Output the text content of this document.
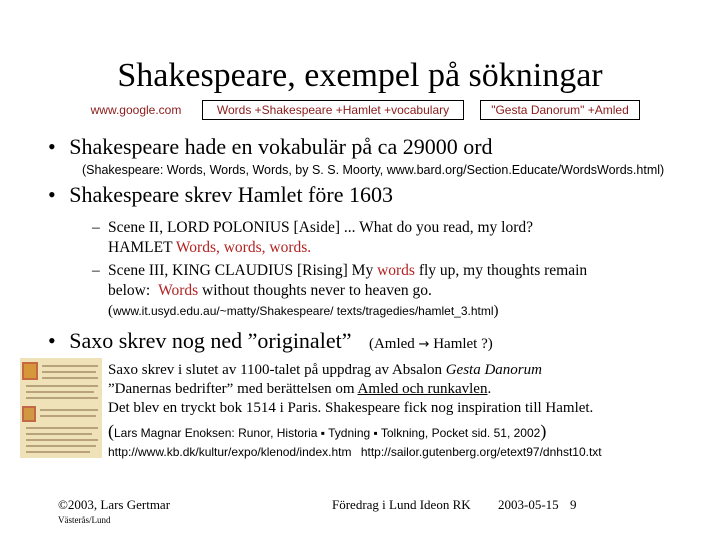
Shakespeare, exempel på sökningar
www.google.com	Words +Shakespeare +Hamlet +vocabulary	"Gesta Danorum" +Amled
• Shakespeare hade en vokabulär på ca 29000 ord
(Shakespeare: Words, Words, Words, by S. S. Moorty, www.bard.org/Section.Educate/WordsWords.html)
• Shakespeare skrev Hamlet före 1603
– Scene II, LORD POLONIUS [Aside] ... What do you read, my lord?
HAMLET Words, words, words.
– Scene III, KING CLAUDIUS [Rising] My words fly up, my thoughts remain
below: Words without thoughts never to heaven go.
(www.it.usyd.edu.au/~matty/Shakespeare/ texts/tragedies/hamlet_3.html)
• Saxo skrev nog ned ”originalet” (Amled → Hamlet ?)
Saxo skrev i slutet av 1100-talet på uppdrag av Absalon Gesta Danorum
”Danernas bedrifter” med berättelsen om Amled och runkavlen.
Det blev en tryckt bok 1514 i Paris. Shakespeare fick nog inspiration till Hamlet.
(Lars Magnar Enoksen: Runor, Historia ▪ Tydning ▪ Tolkning, Pocket sid. 51, 2002)
http://www.kb.dk/kultur/expo/klenod/index.htm http://sailor.gutenberg.org/etext97/dnhst10.txt
©2003, Lars Gertmar
Västerås/Lund
Föredrag i Lund Ideon RK 2003-05-15 9
